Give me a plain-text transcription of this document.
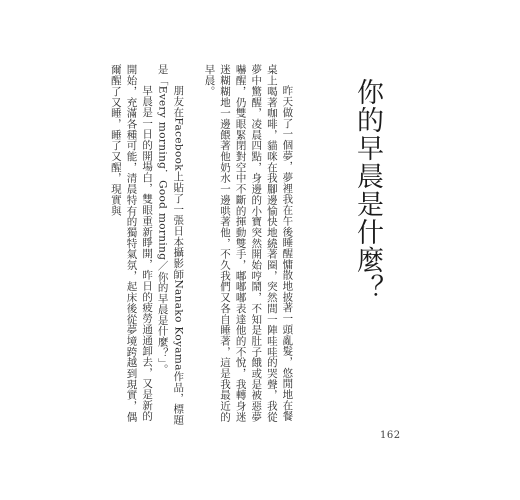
你的早晨是什麼？

昨天做了一個夢，夢裡我在午後睡醒慵散地披著一頭亂髮，悠閒地在餐桌上喝著咖啡，貓咪在我腳邊愉快地繞著圈，突然間一陣哇哇的哭聲，我從夢中驚醒，凌晨四點，身邊的小寶突然開始哼鬧，不知是肚子餓或是被惡夢嚇醒，仍雙眼緊閉對空中不斷的揮動雙手，嘟嘟嘟表達他的不悅，我轉身迷迷糊糊地一邊餵著他奶水一邊哄著他，不久我們又各自睡著，這是我最近的早晨。

朋友在Facebook上貼了一張日本攝影師Nanako Koyama作品，標題是「Every morning．Good morning／你的早晨是什麼？」。

早晨是一日的開場白，雙眼重新睜開，昨日的疲勞通通卸去，又是新的開始，充滿各種可能，清晨特有的獨特氣氛，起床後從夢境跨越到現實，偶爾醒了又睡，睡了又醒，現實與

162
